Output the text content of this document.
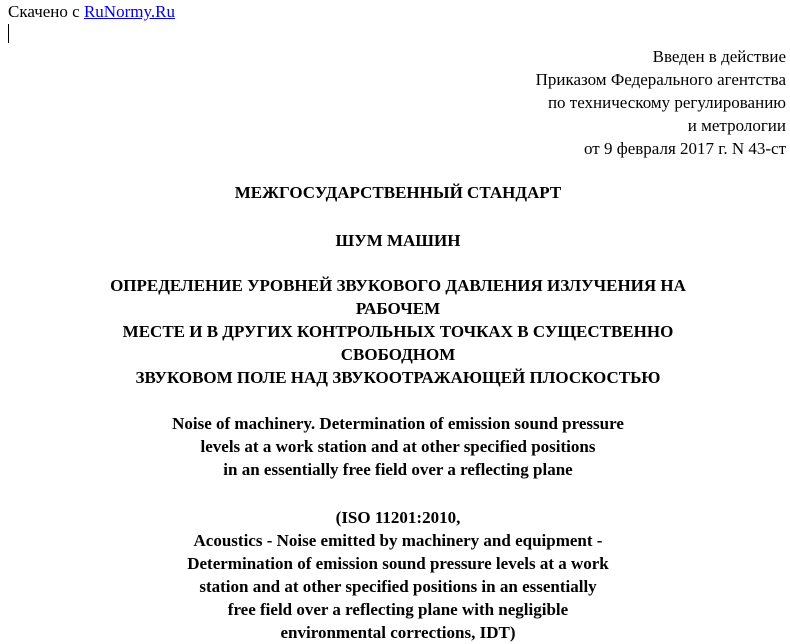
Скачено с RuNormy.Ru
Введен в действие
Приказом Федерального агентства
по техническому регулированию
и метрологии
от 9 февраля 2017 г. N 43-ст
МЕЖГОСУДАРСТВЕННЫЙ СТАНДАРТ
ШУМ МАШИН
ОПРЕДЕЛЕНИЕ УРОВНЕЙ ЗВУКОВОГО ДАВЛЕНИЯ ИЗЛУЧЕНИЯ НА
РАБОЧЕМ
МЕСТЕ И В ДРУГИХ КОНТРОЛЬНЫХ ТОЧКАХ В СУЩЕСТВЕННО
СВОБОДНОМ
ЗВУКОВОМ ПОЛЕ НАД ЗВУКООТРАЖАЮЩЕЙ ПЛОСКОСТЬЮ
Noise of machinery. Determination of emission sound pressure
levels at a work station and at other specified positions
in an essentially free field over a reflecting plane
(ISO 11201:2010,
Acoustics - Noise emitted by machinery and equipment -
Determination of emission sound pressure levels at a work
station and at other specified positions in an essentially
free field over a reflecting plane with negligible
environmental corrections, IDT)
